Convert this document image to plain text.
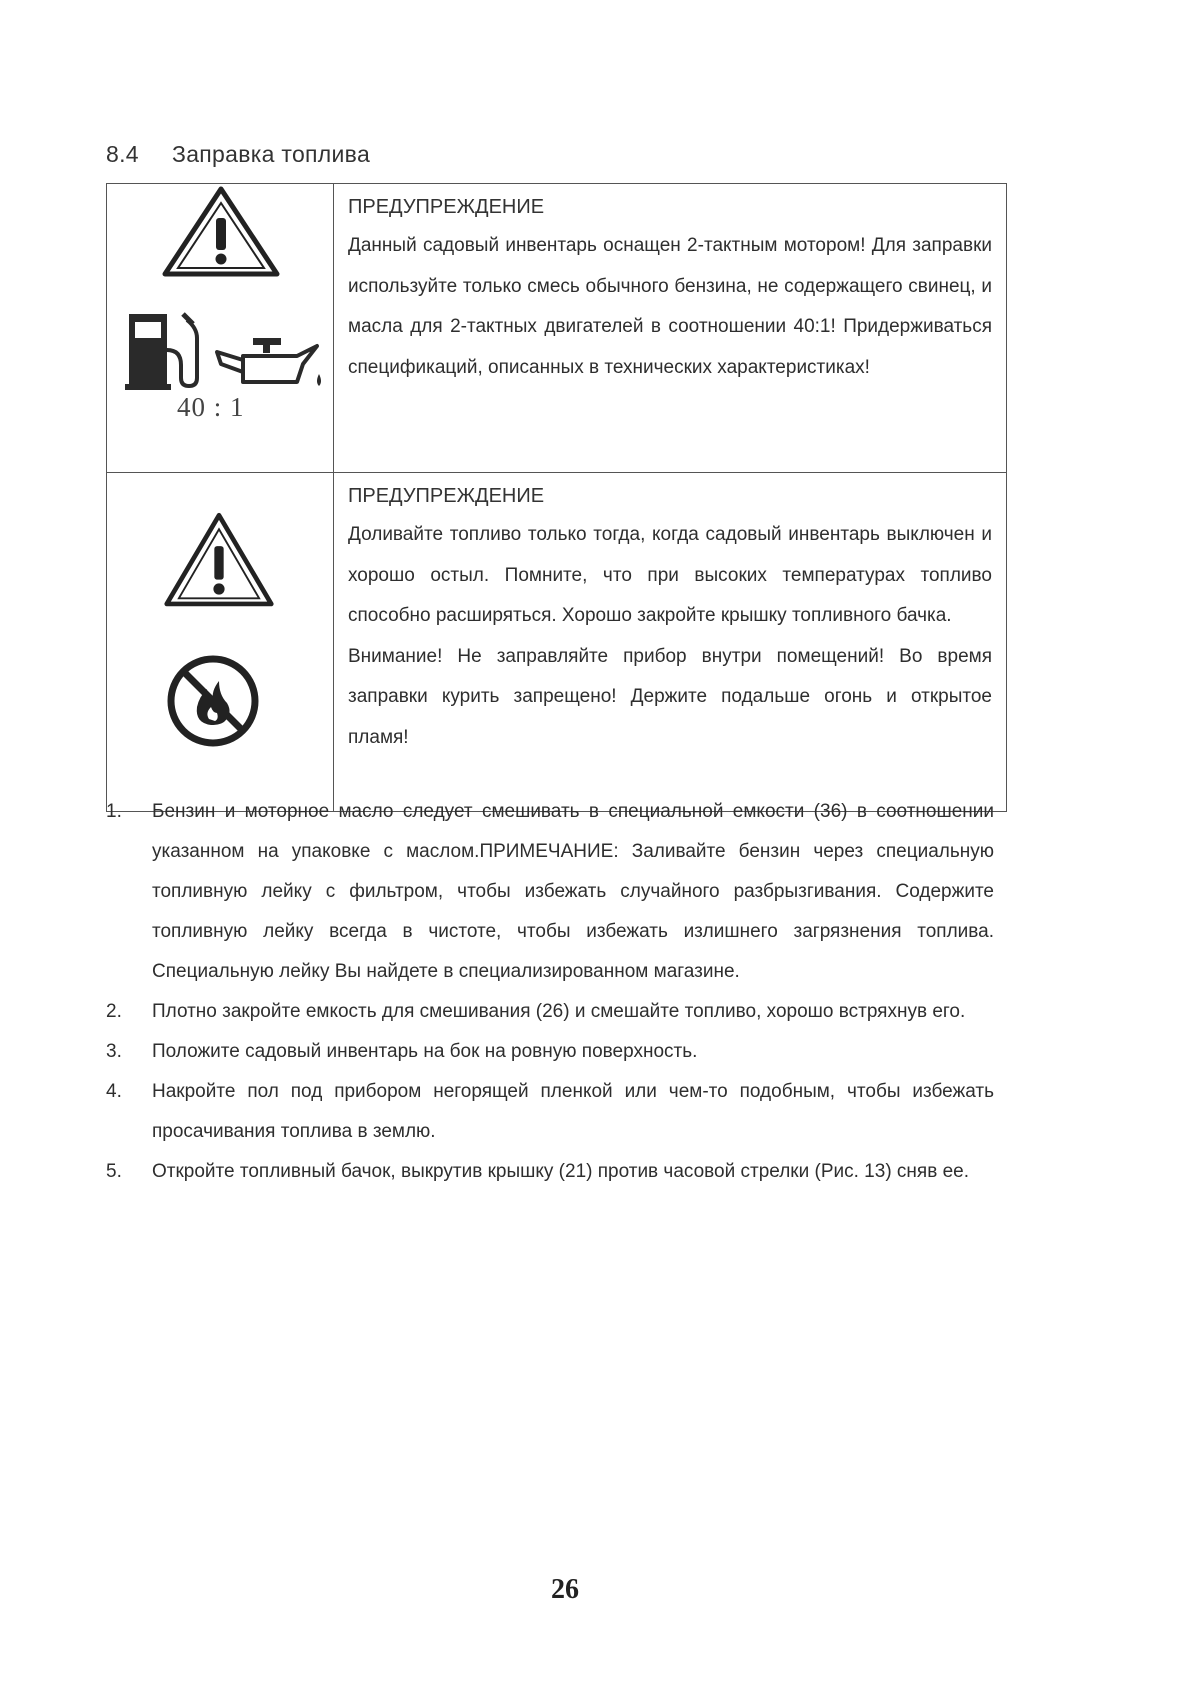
8.4 Заправка топлива
40 : 1	ПРЕДУПРЕЖДЕНИЕ

Данный садовый инвентарь оснащен 2-тактным мотором! Для заправки используйте только смесь обычного бензина, не содержащего свинец, и масла для 2-тактных двигателей в соотношении 40:1! Придерживаться спецификаций, описанных в технических характеристиках!

ПРЕДУПРЕЖДЕНИЕ

Доливайте топливо только тогда, когда садовый инвентарь выключен и хорошо остыл. Помните, что при высоких температурах топливо способно расширяться. Хорошо закройте крышку топливного бачка.

Внимание! Не заправляйте прибор внутри помещений! Во время заправки курить запрещено! Держите подальше огонь и открытое пламя!

1. Бензин и моторное масло следует смешивать в специальной емкости (36) в соотношении указанном на упаковке с маслом.ПРИМЕЧАНИЕ: Заливайте бензин через специальную топливную лейку с фильтром, чтобы избежать случайного разбрызгивания. Содержите топливную лейку всегда в чистоте, чтобы избежать излишнего загрязнения топлива. Специальную лейку Вы найдете в специализированном магазине.
2. Плотно закройте емкость для смешивания (26) и смешайте топливо, хорошо встряхнув его.
3. Положите садовый инвентарь на бок на ровную поверхность.
4. Накройте пол под прибором негорящей пленкой или чем-то подобным, чтобы избежать просачивания топлива в землю.
5. Откройте топливный бачок, выкрутив крышку (21) против часовой стрелки (Рис. 13) сняв ее.
26
